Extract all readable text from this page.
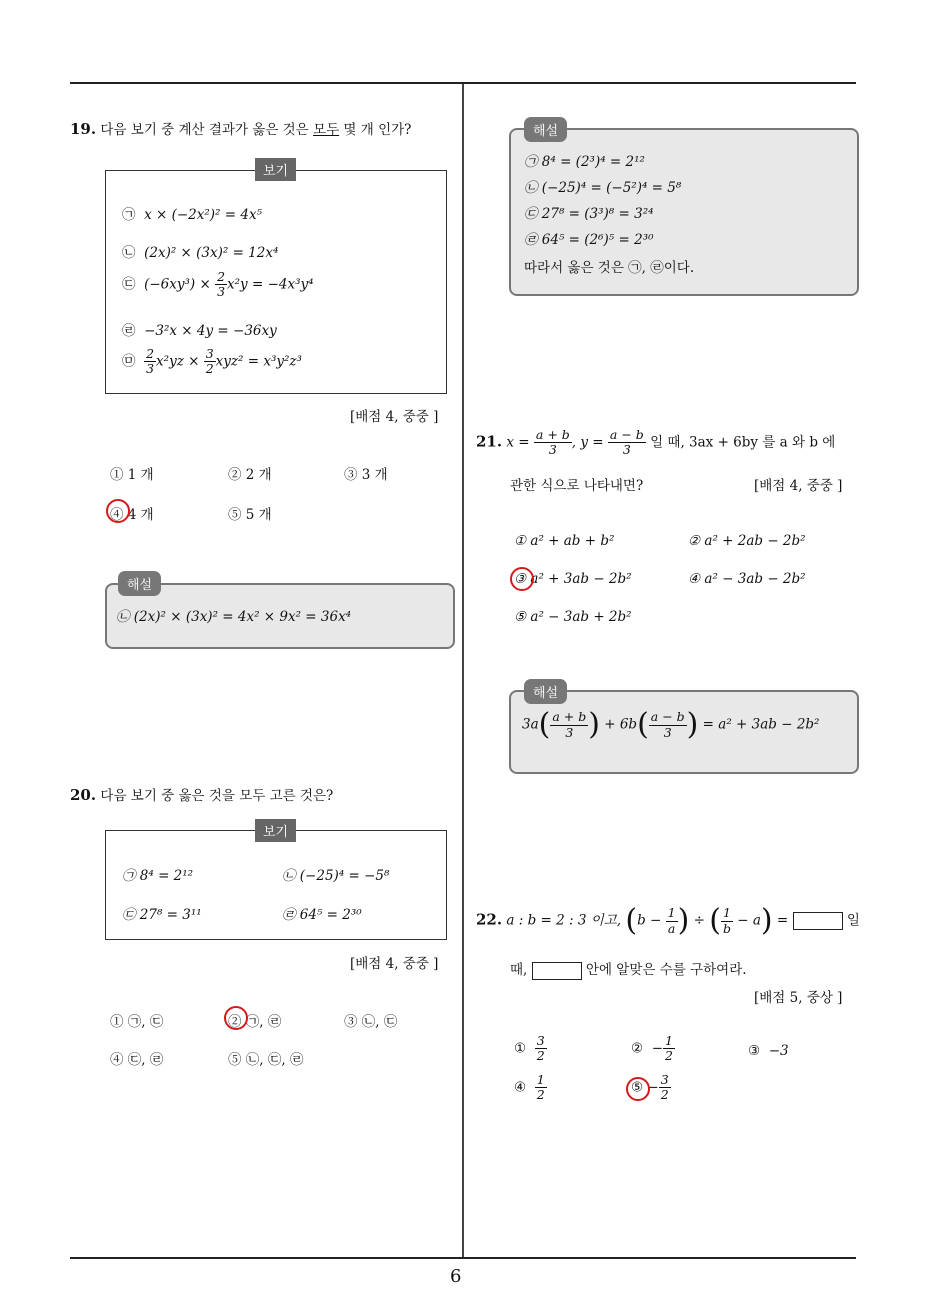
19. 다음 보기 중 계산 결과가 옳은 것은 모두 몇 개 인가?
보기
㉠ x × (−2x²)² = 4x⁵
㉡ (2x)² × (3x)² = 12x⁴
㉢ $(-6xy^3) \times \frac{2}{3} x^2y = -4x^3y^4$
㉣ −3²x × 4y = −36xy
㉤ $\frac{2}{3} x^2yz \times \frac{3}{2} xyz^2 = x^3y^2z^3$
[배점 4, 중중 ]
① 1 개	② 2 개	③ 3 개
④ 4 개	⑤ 5 개
해설
㉡ (2x)² × (3x)² = 4x² × 9x² = 36x⁴
20. 다음 보기 중 옳은 것을 모두 고른 것은?
보기
㉠ 8⁴ = 2¹²	㉡ (−25)⁴ = −5⁸
㉢ 27⁸ = 3¹¹	㉣ 64⁵ = 2³⁰
[배점 4, 중중 ]
① ㉠, ㉢	② ㉠, ㉣	③ ㉡, ㉢
④ ㉢, ㉣	⑤ ㉡, ㉢, ㉣
해설
㉠ 8⁴ = (2³)⁴ = 2¹²
㉡ (−25)⁴ = (−5²)⁴ = 5⁸
㉢ 27⁸ = (3³)⁸ = 3²⁴
㉣ 64⁵ = (2⁶)⁵ = 2³⁰
따라서 옳은 것은 ㉠, ㉣이다.
21. $x = \frac{a + b}{3}$ , $y = \frac{a - b}{3}$ 일 때, 3ax + 6by 를 a 와 b 에
관한 식으로 나타내면?	[배점 4, 중중 ]
① a² + ab + b²	② a² + 2ab − 2b²
③ a² + 3ab − 2b²	④ a² − 3ab − 2b²
⑤ a² − 3ab + 2b²
해설
$3a( \frac{a + b}{3}$ ) + $6b( \frac{a - b}{3}$ ) = a² + 3ab − 2b²
22. a : b = 2 : 3 이고, ($b - \frac{1}{a}$ ) ÷ ( $\frac{1}{b} - a$) =	일
때,	안에 알맞은 수를 구하여라.
[배점 5, 중상 ]
① $\frac{3}{2}$	② − $\frac{1}{2}$	③ −3
④ $\frac{1}{2}$	⑤ − $\frac{3}{2}$
6
